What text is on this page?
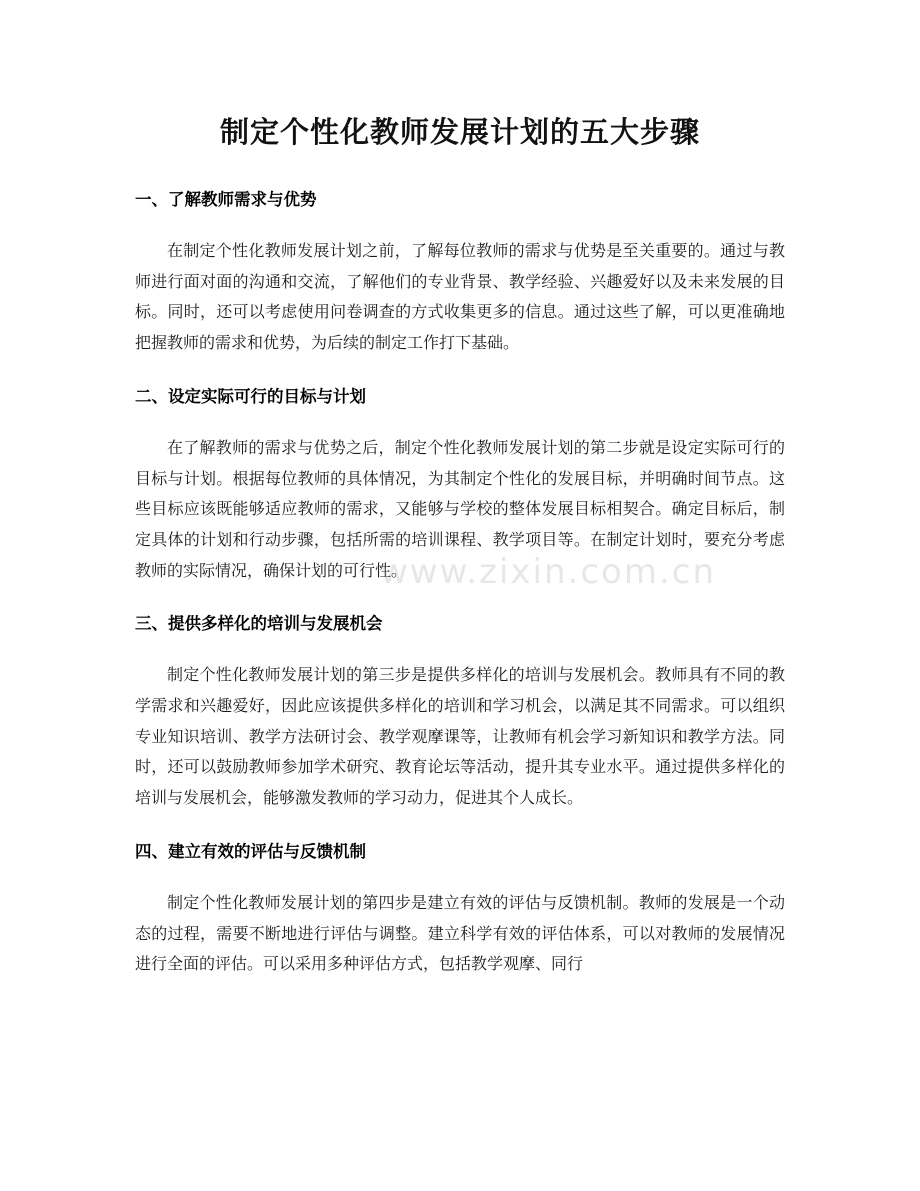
制定个性化教师发展计划的五大步骤
一、了解教师需求与优势

在制定个性化教师发展计划之前，了解每位教师的需求与优势是至关重要的。通过与教师进行面对面的沟通和交流，了解他们的专业背景、教学经验、兴趣爱好以及未来发展的目标。同时，还可以考虑使用问卷调查的方式收集更多的信息。通过这些了解，可以更准确地把握教师的需求和优势，为后续的制定工作打下基础。

二、设定实际可行的目标与计划

在了解教师的需求与优势之后，制定个性化教师发展计划的第二步就是设定实际可行的目标与计划。根据每位教师的具体情况，为其制定个性化的发展目标，并明确时间节点。这些目标应该既能够适应教师的需求，又能够与学校的整体发展目标相契合。确定目标后，制定具体的计划和行动步骤，包括所需的培训课程、教学项目等。在制定计划时，要充分考虑教师的实际情况，确保计划的可行性。

三、提供多样化的培训与发展机会

制定个性化教师发展计划的第三步是提供多样化的培训与发展机会。教师具有不同的教学需求和兴趣爱好，因此应该提供多样化的培训和学习机会，以满足其不同需求。可以组织专业知识培训、教学方法研讨会、教学观摩课等，让教师有机会学习新知识和教学方法。同时，还可以鼓励教师参加学术研究、教育论坛等活动，提升其专业水平。通过提供多样化的培训与发展机会，能够激发教师的学习动力，促进其个人成长。

四、建立有效的评估与反馈机制

制定个性化教师发展计划的第四步是建立有效的评估与反馈机制。教师的发展是一个动态的过程，需要不断地进行评估与调整。建立科学有效的评估体系，可以对教师的发展情况进行全面的评估。可以采用多种评估方式，包括教学观摩、同行

www.zixin.com.cn
